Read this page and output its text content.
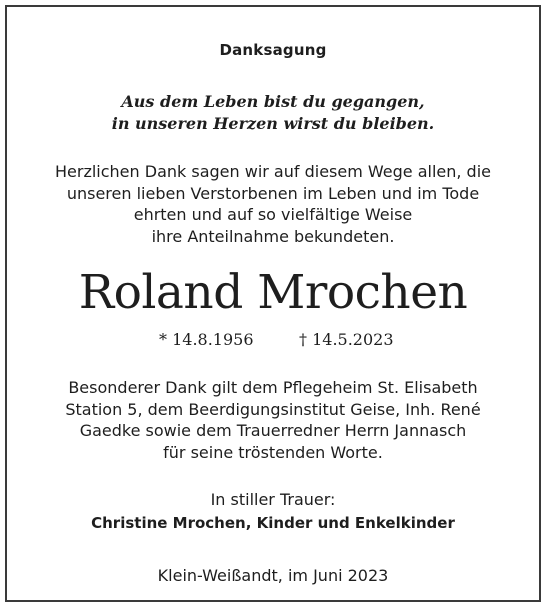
Danksagung
Aus dem Leben bist du gegangen,
in unseren Herzen wirst du bleiben.
Herzlichen Dank sagen wir auf diesem Wege allen, die
unseren lieben Verstorbenen im Leben und im Tode
ehrten und auf so vielfältige Weise
ihre Anteilnahme bekundeten.
Roland Mrochen
* 14.8.1956	† 14.5.2023
Besonderer Dank gilt dem Pflegeheim St. Elisabeth
Station 5, dem Beerdigungsinstitut Geise, Inh. René
Gaedke sowie dem Trauerredner Herrn Jannasch
für seine tröstenden Worte.
In stiller Trauer:
Christine Mrochen, Kinder und Enkelkinder
Klein-Weißandt, im Juni 2023
